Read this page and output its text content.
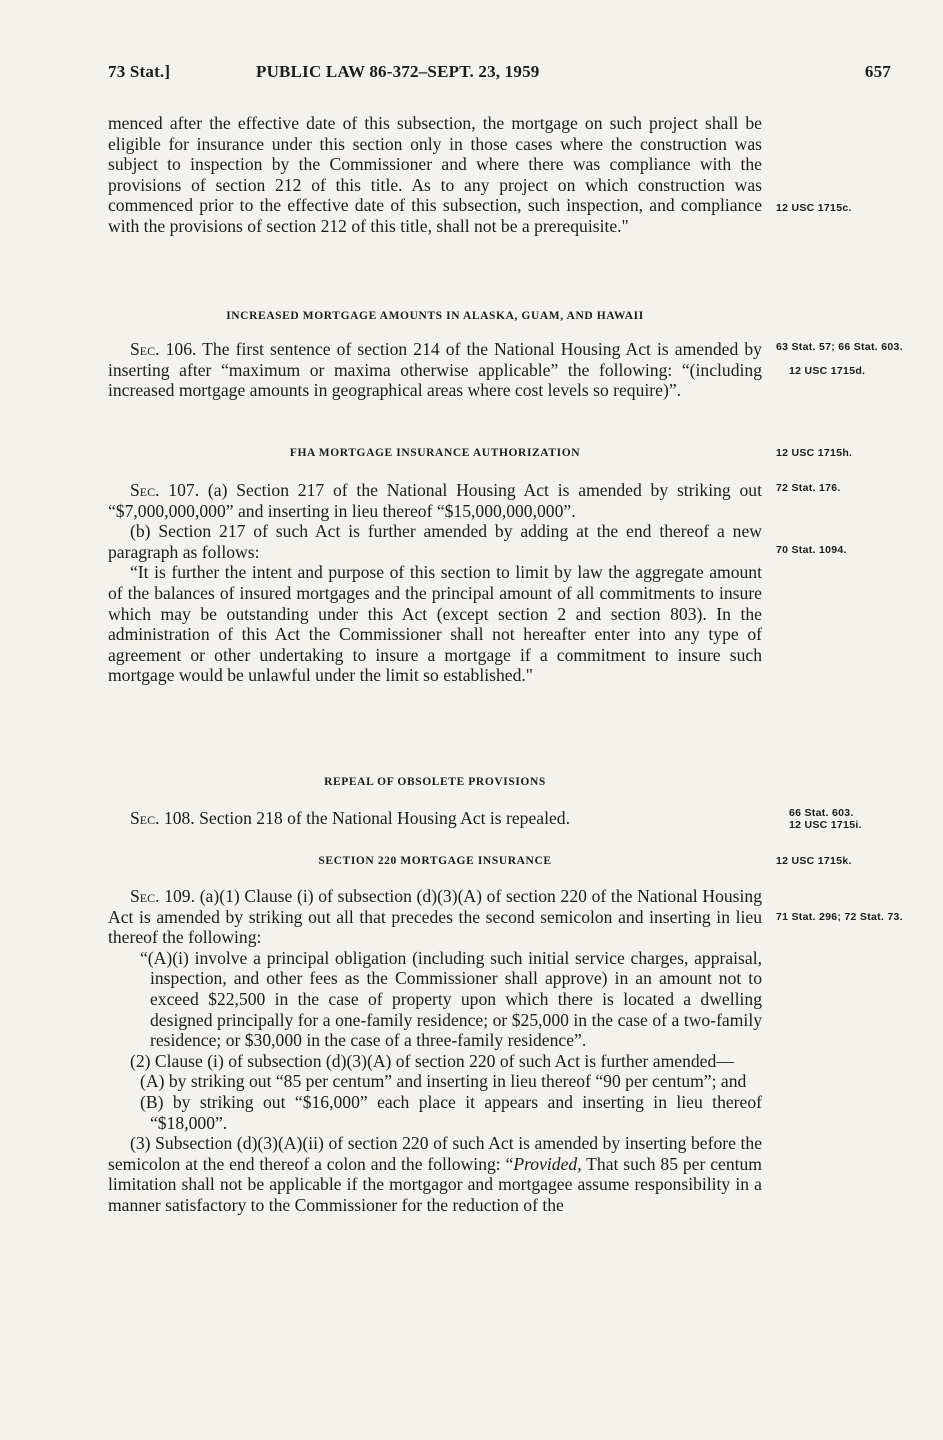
73 Stat.]	PUBLIC LAW 86-372–SEPT. 23, 1959	657

menced after the effective date of this subsection, the mortgage on such project shall be eligible for insurance under this section only in those cases where the construction was subject to inspection by the Commissioner and where there was compliance with the provisions of section 212 of this title. As to any project on which construction was commenced prior to the effective date of this subsection, such inspection, and compliance with the provisions of section 212 of this title, shall not be a prerequisite."

INCREASED MORTGAGE AMOUNTS IN ALASKA, GUAM, AND HAWAII

Sec. 106. The first sentence of section 214 of the National Housing Act is amended by inserting after “maximum or maxima otherwise applicable” the following: “(including increased mortgage amounts in geographical areas where cost levels so require)”.

FHA MORTGAGE INSURANCE AUTHORIZATION

Sec. 107. (a) Section 217 of the National Housing Act is amended by striking out “$7,000,000,000” and inserting in lieu thereof “$15,000,000,000”.

(b) Section 217 of such Act is further amended by adding at the end thereof a new paragraph as follows:

“It is further the intent and purpose of this section to limit by law the aggregate amount of the balances of insured mortgages and the principal amount of all commitments to insure which may be outstanding under this Act (except section 2 and section 803). In the administration of this Act the Commissioner shall not hereafter enter into any type of agreement or other undertaking to insure a mortgage if a commitment to insure such mortgage would be unlawful under the limit so established."

REPEAL OF OBSOLETE PROVISIONS

Sec. 108. Section 218 of the National Housing Act is repealed.

SECTION 220 MORTGAGE INSURANCE

Sec. 109. (a)(1) Clause (i) of subsection (d)(3)(A) of section 220 of the National Housing Act is amended by striking out all that precedes the second semicolon and inserting in lieu thereof the following:

“(A)(i) involve a principal obligation (including such initial service charges, appraisal, inspection, and other fees as the Commissioner shall approve) in an amount not to exceed $22,500 in the case of property upon which there is located a dwelling designed principally for a one-family residence; or $25,000 in the case of a two-family residence; or $30,000 in the case of a three-family residence”.

(2) Clause (i) of subsection (d)(3)(A) of section 220 of such Act is further amended—

(A) by striking out “85 per centum” and inserting in lieu thereof “90 per centum”; and

(B) by striking out “$16,000” each place it appears and inserting in lieu thereof “$18,000”.

(3) Subsection (d)(3)(A)(ii) of section 220 of such Act is amended by inserting before the semicolon at the end thereof a colon and the following: “Provided, That such 85 per centum limitation shall not be applicable if the mortgagor and mortgagee assume responsibility in a manner satisfactory to the Commissioner for the reduction of the

12 USC 1715c.
63 Stat. 57; 66 Stat. 603.
12 USC 1715d.
12 USC 1715h.
72 Stat. 176.
70 Stat. 1094.
66 Stat. 603.
12 USC 1715i.
12 USC 1715k.
71 Stat. 296; 72 Stat. 73.
